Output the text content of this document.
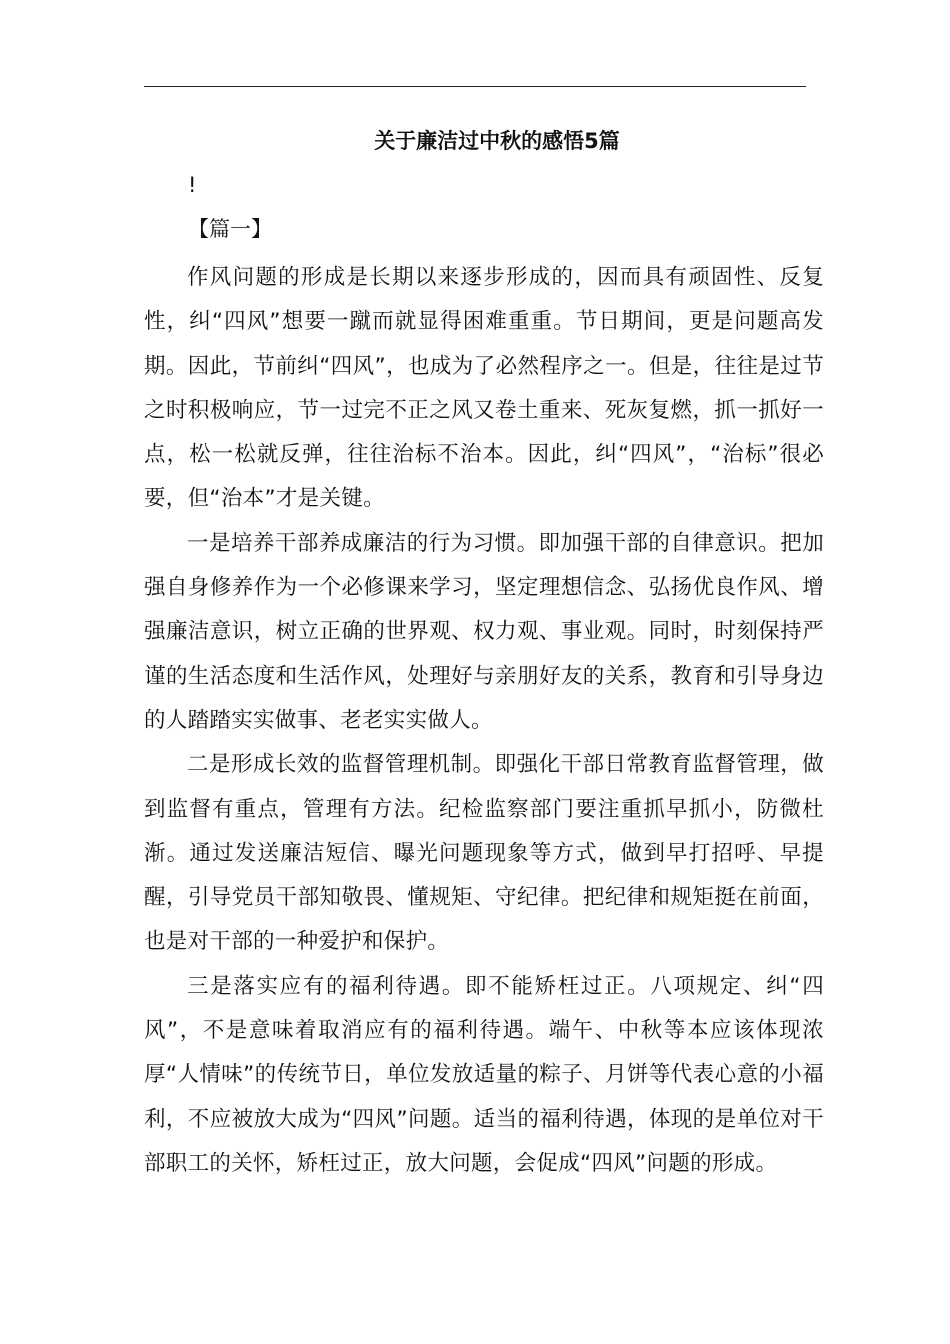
关于廉洁过中秋的感悟5篇
!
【篇一】

作风问题的形成是长期以来逐步形成的，因而具有顽固性、反复性，纠“四风”想要一蹴而就显得困难重重。节日期间，更是问题高发期。因此，节前纠“四风”，也成为了必然程序之一。但是，往往是过节之时积极响应，节一过完不正之风又卷土重来、死灰复燃，抓一抓好一点，松一松就反弹，往往治标不治本。因此，纠“四风”，“治标”很必要，但“治本”才是关键。

一是培养干部养成廉洁的行为习惯。即加强干部的自律意识。把加强自身修养作为一个必修课来学习，坚定理想信念、弘扬优良作风、增强廉洁意识，树立正确的世界观、权力观、事业观。同时，时刻保持严谨的生活态度和生活作风，处理好与亲朋好友的关系，教育和引导身边的人踏踏实实做事、老老实实做人。

二是形成长效的监督管理机制。即强化干部日常教育监督管理，做到监督有重点，管理有方法。纪检监察部门要注重抓早抓小，防微杜渐。通过发送廉洁短信、曝光问题现象等方式，做到早打招呼、早提醒，引导党员干部知敬畏、懂规矩、守纪律。把纪律和规矩挺在前面，也是对干部的一种爱护和保护。

三是落实应有的福利待遇。即不能矫枉过正。八项规定、纠“四风”，不是意味着取消应有的福利待遇。端午、中秋等本应该体现浓厚“人情味”的传统节日，单位发放适量的粽子、月饼等代表心意的小福利，不应被放大成为“四风”问题。适当的福利待遇，体现的是单位对干部职工的关怀，矫枉过正，放大问题，会促成“四风”问题的形成。
